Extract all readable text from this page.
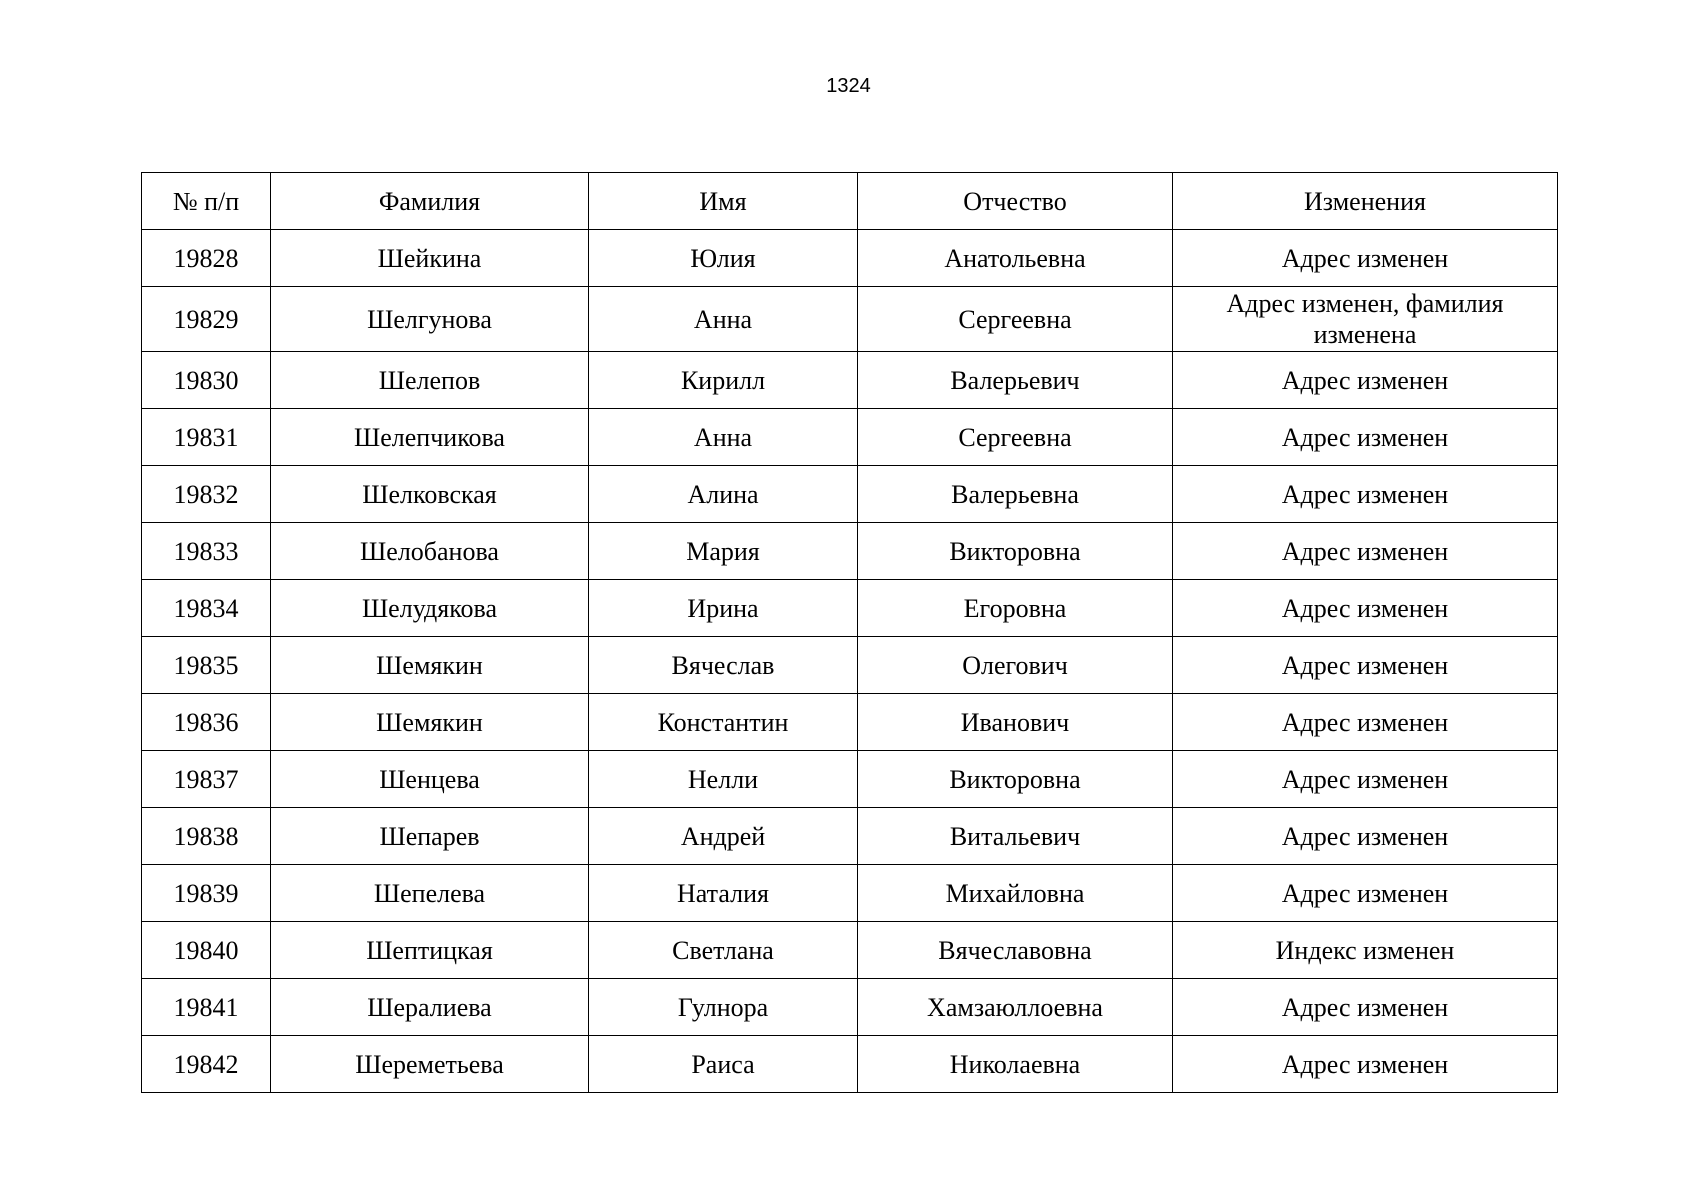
1324
№ п/п	Фамилия	Имя	Отчество	Изменения
19828	Шейкина	Юлия	Анатольевна	Адрес изменен
19829	Шелгунова	Анна	Сергеевна	Адрес изменен, фамилия изменена
19830	Шелепов	Кирилл	Валерьевич	Адрес изменен
19831	Шелепчикова	Анна	Сергеевна	Адрес изменен
19832	Шелковская	Алина	Валерьевна	Адрес изменен
19833	Шелобанова	Мария	Викторовна	Адрес изменен
19834	Шелудякова	Ирина	Егоровна	Адрес изменен
19835	Шемякин	Вячеслав	Олегович	Адрес изменен
19836	Шемякин	Константин	Иванович	Адрес изменен
19837	Шенцева	Нелли	Викторовна	Адрес изменен
19838	Шепарев	Андрей	Витальевич	Адрес изменен
19839	Шепелева	Наталия	Михайловна	Адрес изменен
19840	Шептицкая	Светлана	Вячеславовна	Индекс изменен
19841	Шералиева	Гулнора	Хамзаюллоевна	Адрес изменен
19842	Шереметьева	Раиса	Николаевна	Адрес изменен
